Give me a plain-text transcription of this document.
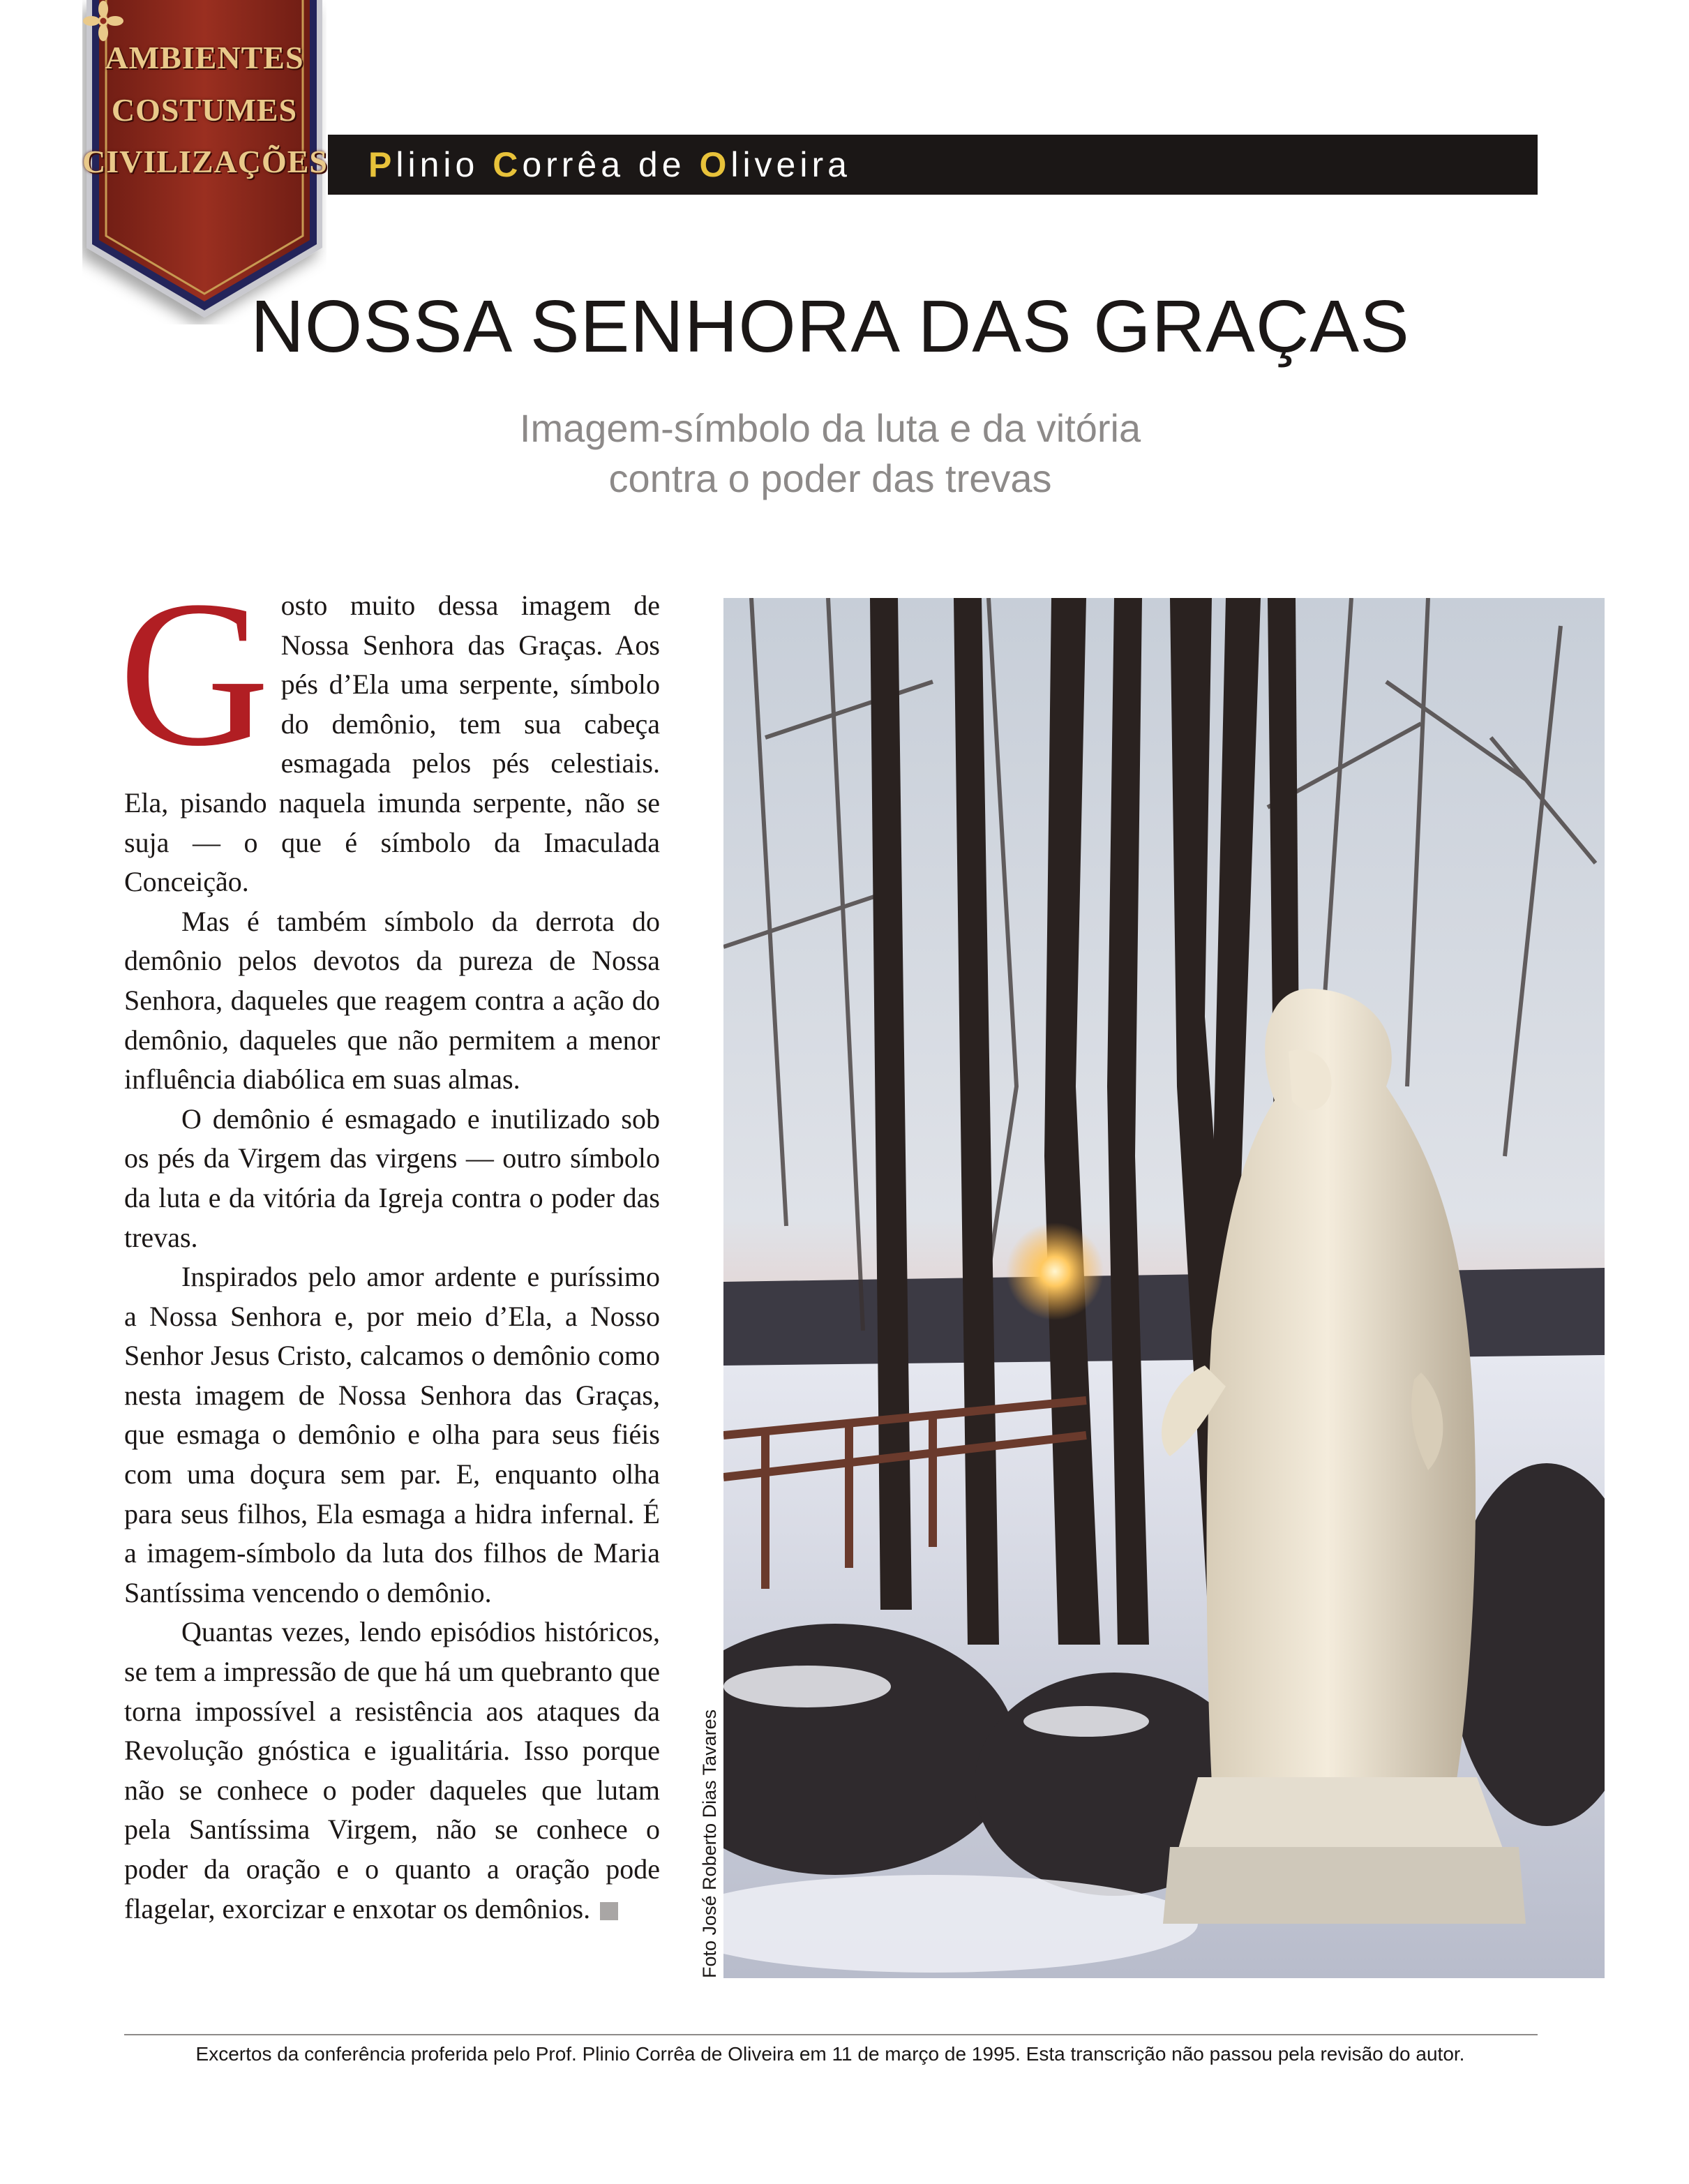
AMBIENTES
COSTUMES
CIVILIZAÇÕES Plinio Corrêa de Oliveira
NOSSA SENHORA DAS GRAÇAS
Imagem-símbolo da luta e da vitória
contra o poder das trevas
G osto muito dessa imagem de Nossa Senhora das Graças. Aos pés d’Ela uma serpente, símbolo do demônio, tem sua cabeça esmagada pelos pés celestiais. Ela, pisando naquela imunda serpente, não se suja — o que é símbolo da Imaculada Conceição.

Mas é também símbolo da derrota do demônio pelos devotos da pureza de Nossa Senhora, daqueles que reagem contra a ação do demônio, daqueles que não permitem a menor influência diabólica em suas almas.

O demônio é esmagado e inutilizado sob os pés da Virgem das virgens — outro símbolo da luta e da vitória da Igreja contra o poder das trevas.

Inspirados pelo amor ardente e puríssimo a Nossa Senhora e, por meio d’Ela, a Nosso Senhor Jesus Cristo, calcamos o demônio como nesta imagem de Nossa Senhora das Graças, que esmaga o demônio e olha para seus fiéis com uma doçura sem par. E, enquanto olha para seus filhos, Ela esmaga a hidra infernal. É a imagem-símbolo da luta dos filhos de Maria Santíssima vencendo o demônio.

Quantas vezes, lendo episódios históricos, se tem a impressão de que há um quebranto que torna impossível a resistência aos ataques da Revolução gnóstica e igualitária. Isso porque não se conhece o poder daqueles que lutam pela Santíssima Virgem, não se conhece o poder da oração e o quanto a oração pode flagelar, exorcizar e enxotar os demônios.	Foto José Roberto Dias Tavares
Excertos da conferência proferida pelo Prof. Plinio Corrêa de Oliveira em 11 de março de 1995. Esta transcrição não passou pela revisão do autor.
